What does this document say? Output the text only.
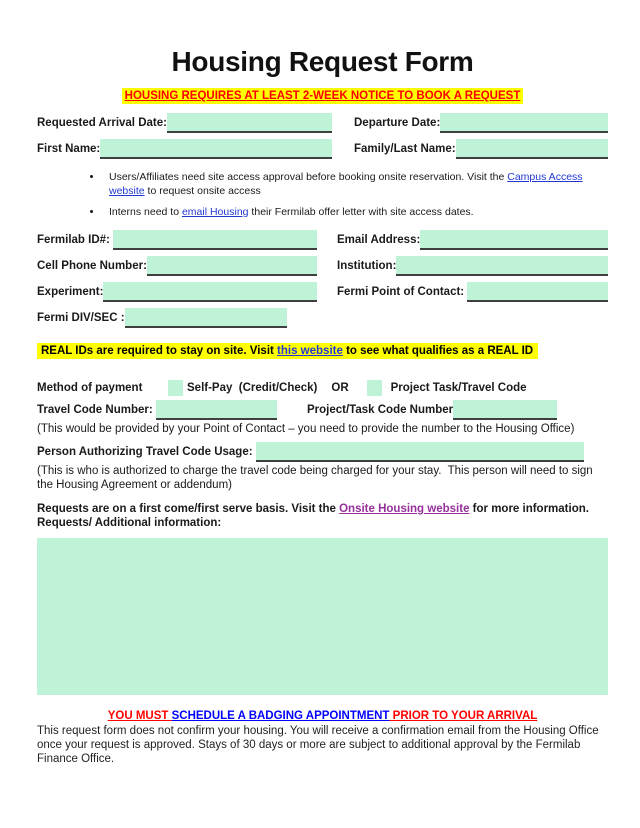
Housing Request Form
HOUSING REQUIRES AT LEAST 2-WEEK NOTICE TO BOOK A REQUEST
Requested Arrival Date:	Departure Date:
First Name:	Family/Last Name:
• Users/Affiliates need site access approval before booking onsite reservation. Visit the Campus Access website to request onsite access
• Interns need to email Housing their Fermilab offer letter with site access dates.
Fermilab ID#:	Email Address:
Cell Phone Number:	Institution:
Experiment:	Fermi Point of Contact:
Fermi DIV/SEC :
REAL IDs are required to stay on site. Visit this website to see what qualifies as a REAL ID
Method of payment	Self-Pay  (Credit/Check) OR	Project Task/Travel Code
Travel Code Number:	Project/Task Code Number
(This would be provided by your Point of Contact – you need to provide the number to the Housing Office)
Person Authorizing Travel Code Usage:
(This is who is authorized to charge the travel code being charged for your stay.  This person will need to sign the Housing Agreement or addendum)
Requests are on a first come/first serve basis. Visit the Onsite Housing website for more information.
Requests/ Additional information:
YOU MUST SCHEDULE A BADGING APPOINTMENT PRIOR TO YOUR ARRIVAL
This request form does not confirm your housing. You will receive a confirmation email from the Housing Office once your request is approved. Stays of 30 days or more are subject to additional approval by the Fermilab Finance Office.
